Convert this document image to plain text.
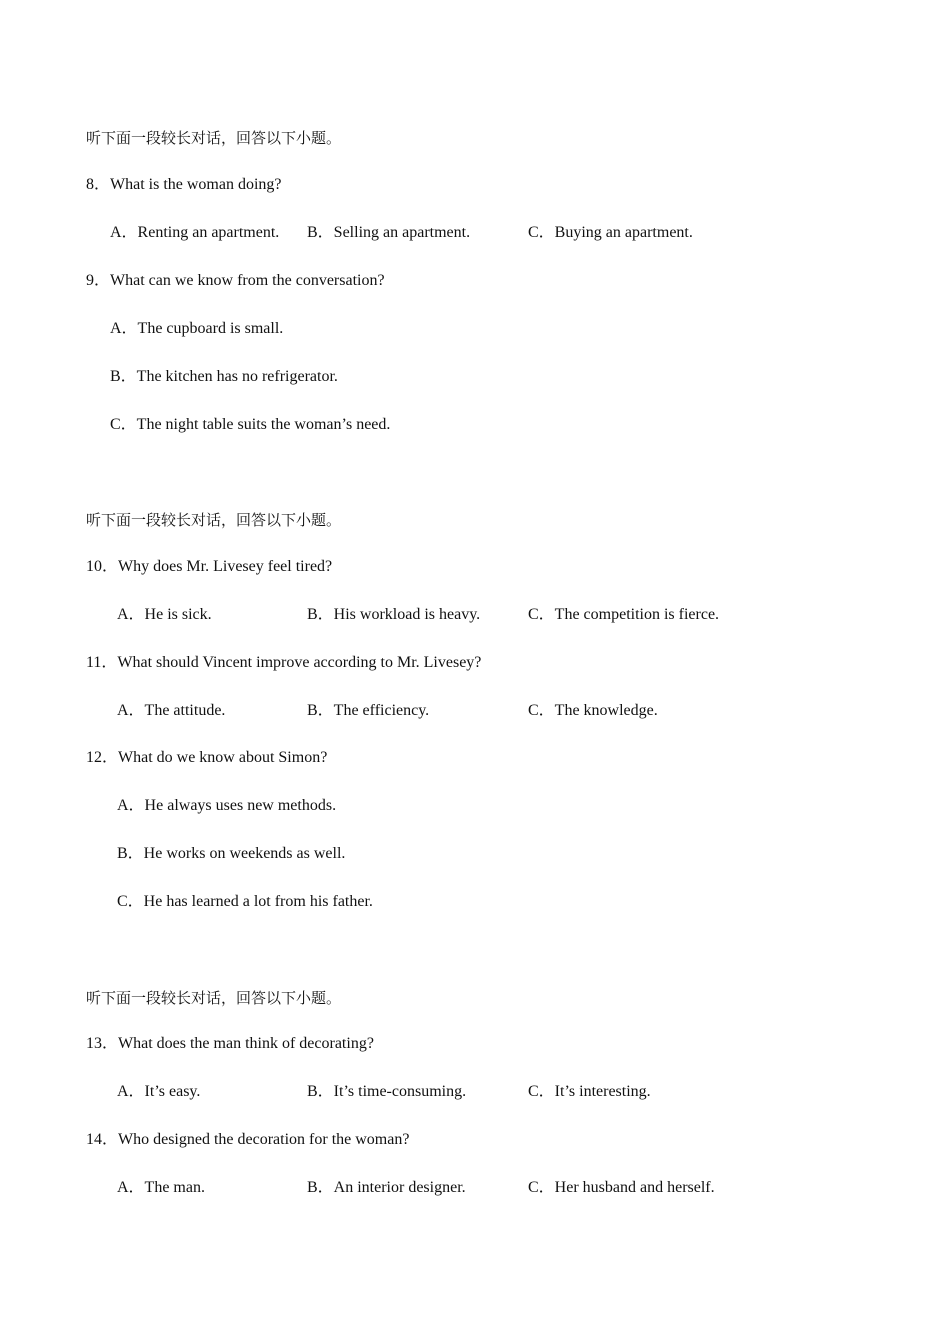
听下面一段较长对话，回答以下小题。
8．What is the woman doing?
A．Renting an apartment. B．Selling an apartment.	C．Buying an apartment.
9．What can we know from the conversation?
A．The cupboard is small.
B．The kitchen has no refrigerator.
C．The night table suits the woman’s need.
听下面一段较长对话，回答以下小题。
10．Why does Mr. Livesey feel tired?
A．He is sick.	B．His workload is heavy.	C．The competition is fierce.
11．What should Vincent improve according to Mr. Livesey?
A．The attitude.	B．The efficiency.	C．The knowledge.
12．What do we know about Simon?
A．He always uses new methods.
B．He works on weekends as well.
C．He has learned a lot from his father.
听下面一段较长对话，回答以下小题。
13．What does the man think of decorating?
A．It’s easy.	B．It’s time-consuming.	C．It’s interesting.
14．Who designed the decoration for the woman?
A．The man.	B．An interior designer.	C．Her husband and herself.
